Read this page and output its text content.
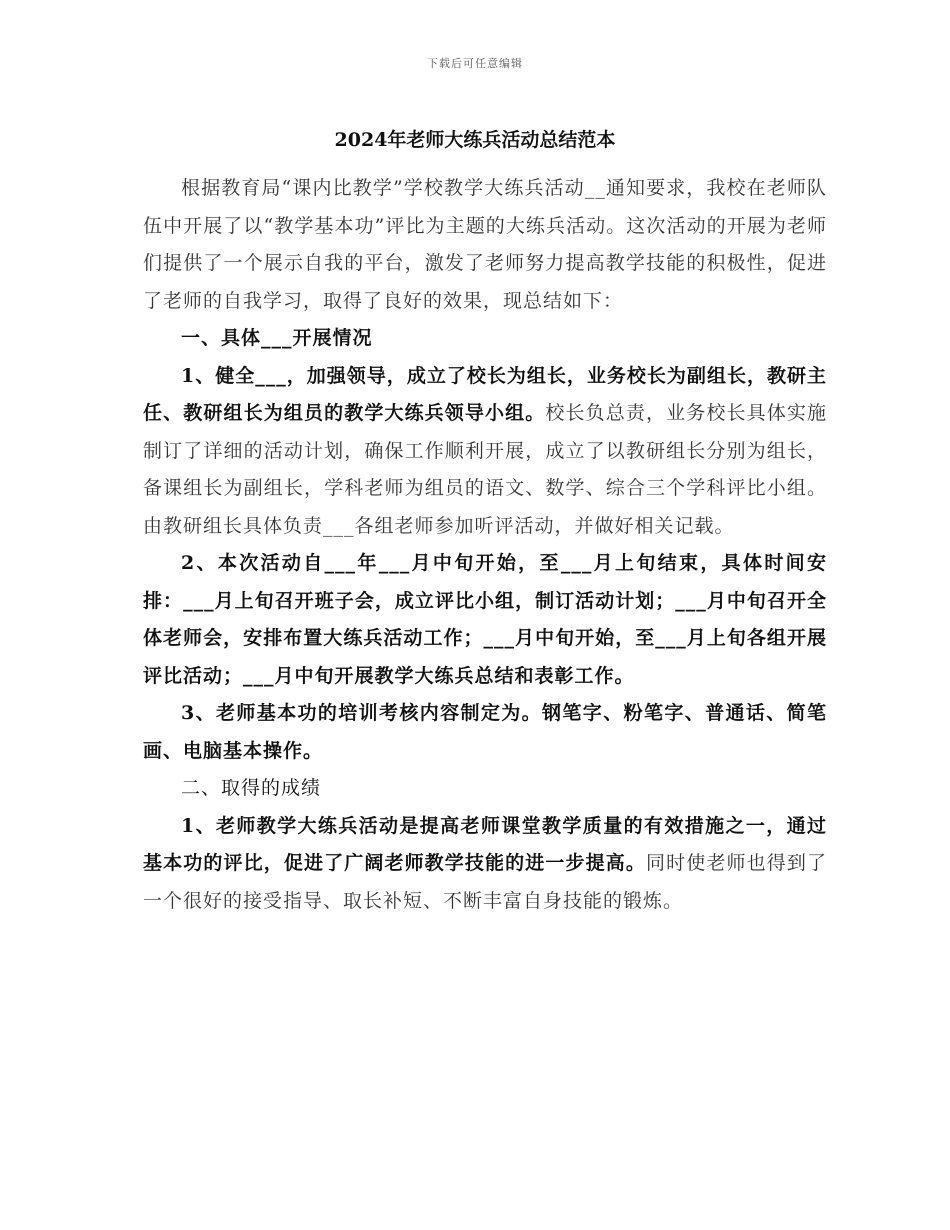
下载后可任意编辑
2024年老师大练兵活动总结范本

根据教育局“课内比教学”学校教学大练兵活动__通知要求，我校在老师队伍中开展了以“教学基本功”评比为主题的大练兵活动。这次活动的开展为老师们提供了一个展示自我的平台，激发了老师努力提高教学技能的积极性，促进了老师的自我学习，取得了良好的效果，现总结如下：

一、具体___开展情况

1、健全___，加强领导，成立了校长为组长，业务校长为副组长，教研主任、教研组长为组员的教学大练兵领导小组。校长负总责，业务校长具体实施制订了详细的活动计划，确保工作顺利开展，成立了以教研组长分别为组长，备课组长为副组长，学科老师为组员的语文、数学、综合三个学科评比小组。由教研组长具体负责___各组老师参加听评活动，并做好相关记载。

2、本次活动自___年___月中旬开始，至___月上旬结束，具体时间安排：___月上旬召开班子会，成立评比小组，制订活动计划；___月中旬召开全体老师会，安排布置大练兵活动工作；___月中旬开始，至___月上旬各组开展评比活动；___月中旬开展教学大练兵总结和表彰工作。

3、老师基本功的培训考核内容制定为。钢笔字、粉笔字、普通话、简笔画、电脑基本操作。

二、取得的成绩

1、老师教学大练兵活动是提高老师课堂教学质量的有效措施之一，通过基本功的评比，促进了广阔老师教学技能的进一步提高。同时使老师也得到了一个很好的接受指导、取长补短、不断丰富自身技能的锻炼。
